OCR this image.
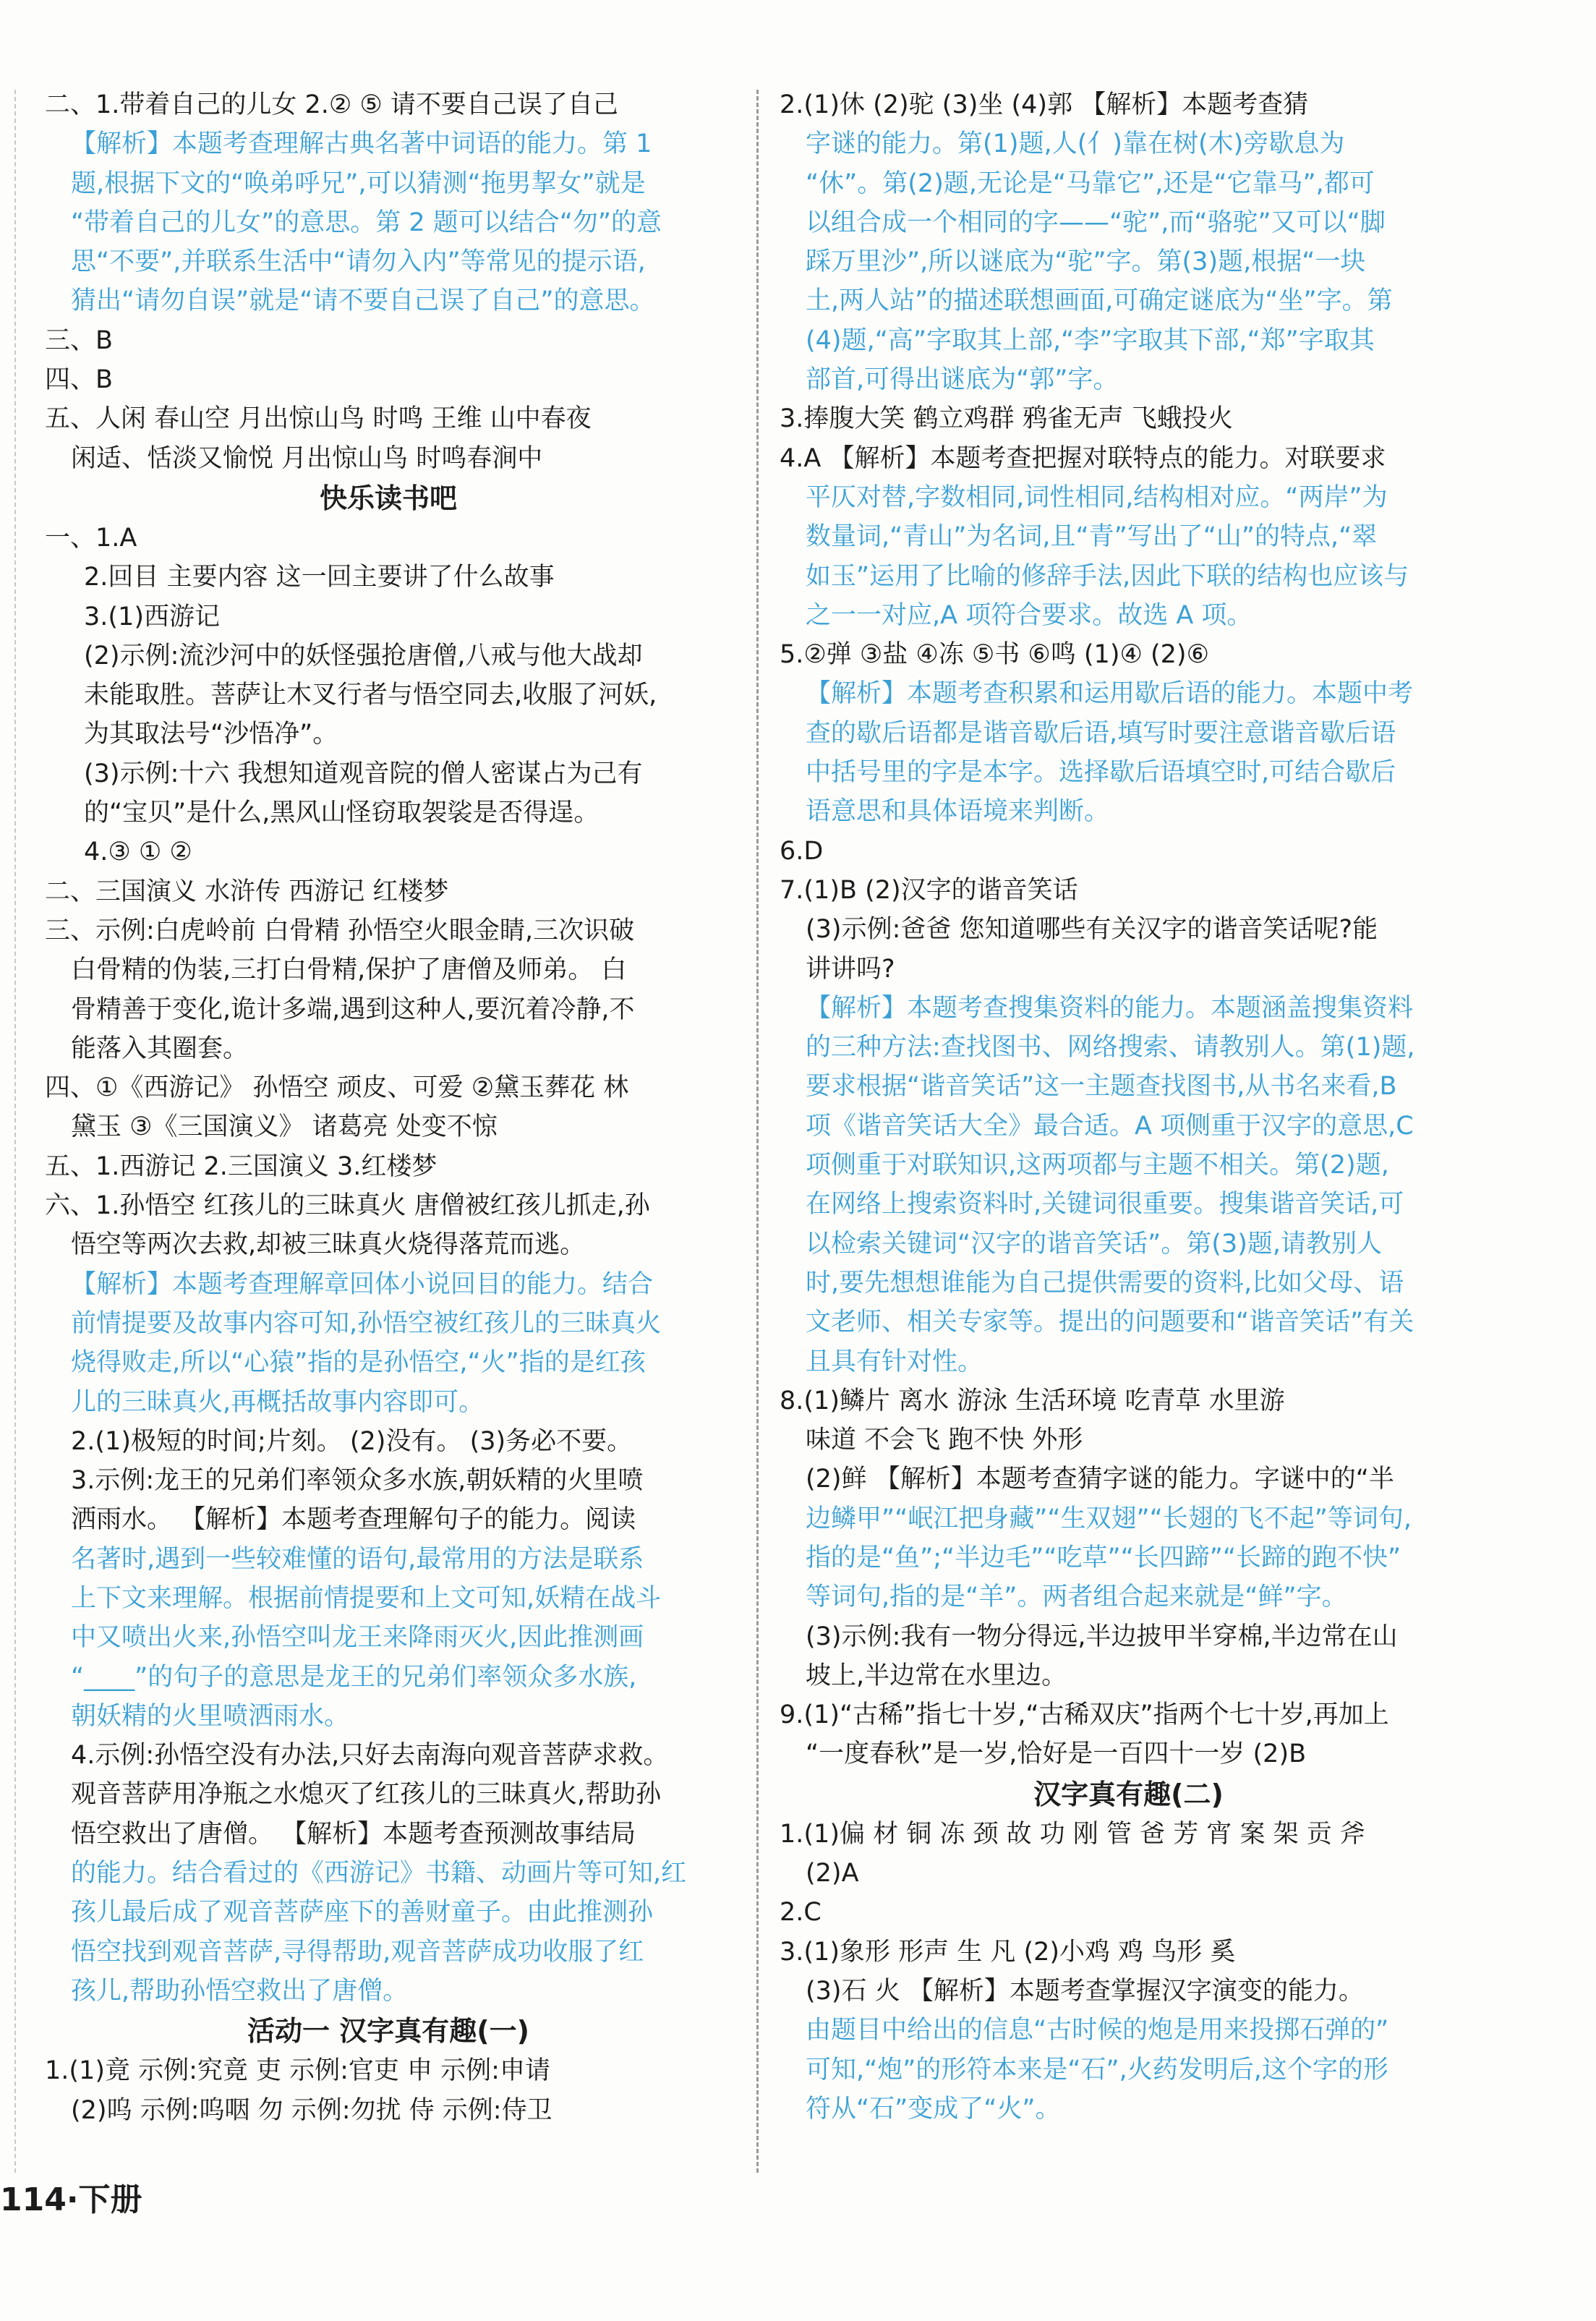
二、1.带着自己的儿女 2.② ⑤ 请不要自己误了自己
【解析】本题考查理解古典名著中词语的能力。第 1
题,根据下文的“唤弟呼兄”,可以猜测“拖男挈女”就是
“带着自己的儿女”的意思。第 2 题可以结合“勿”的意
思“不要”,并联系生活中“请勿入内”等常见的提示语,
猜出“请勿自误”就是“请不要自己误了自己”的意思。
三、B
四、B
五、人闲 春山空 月出惊山鸟 时鸣 王维 山中春夜
闲适、恬淡又愉悦 月出惊山鸟 时鸣春涧中
快乐读书吧
一、1.A
2.回目 主要内容 这一回主要讲了什么故事
3.(1)西游记
(2)示例:流沙河中的妖怪强抢唐僧,八戒与他大战却
未能取胜。菩萨让木叉行者与悟空同去,收服了河妖,
为其取法号“沙悟净”。
(3)示例:十六 我想知道观音院的僧人密谋占为己有
的“宝贝”是什么,黑风山怪窃取袈裟是否得逞。
4.③ ① ②
二、三国演义 水浒传 西游记 红楼梦
三、示例:白虎岭前 白骨精 孙悟空火眼金睛,三次识破
白骨精的伪装,三打白骨精,保护了唐僧及师弟。 白
骨精善于变化,诡计多端,遇到这种人,要沉着冷静,不
能落入其圈套。
四、①《西游记》 孙悟空 顽皮、可爱 ②黛玉葬花 林
黛玉 ③《三国演义》 诸葛亮 处变不惊
五、1.西游记 2.三国演义 3.红楼梦
六、1.孙悟空 红孩儿的三昧真火 唐僧被红孩儿抓走,孙
悟空等两次去救,却被三昧真火烧得落荒而逃。
【解析】本题考查理解章回体小说回目的能力。结合
前情提要及故事内容可知,孙悟空被红孩儿的三昧真火
烧得败走,所以“心猿”指的是孙悟空,“火”指的是红孩
儿的三昧真火,再概括故事内容即可。
2.(1)极短的时间;片刻。 (2)没有。 (3)务必不要。
3.示例:龙王的兄弟们率领众多水族,朝妖精的火里喷
洒雨水。 【解析】本题考查理解句子的能力。阅读
名著时,遇到一些较难懂的语句,最常用的方法是联系
上下文来理解。根据前情提要和上文可知,妖精在战斗
中又喷出火来,孙悟空叫龙王来降雨灭火,因此推测画
“____”的句子的意思是龙王的兄弟们率领众多水族,
朝妖精的火里喷洒雨水。
4.示例:孙悟空没有办法,只好去南海向观音菩萨求救。
观音菩萨用净瓶之水熄灭了红孩儿的三昧真火,帮助孙
悟空救出了唐僧。 【解析】本题考查预测故事结局
的能力。结合看过的《西游记》书籍、动画片等可知,红
孩儿最后成了观音菩萨座下的善财童子。由此推测孙
悟空找到观音菩萨,寻得帮助,观音菩萨成功收服了红
孩儿,帮助孙悟空救出了唐僧。
活动一 汉字真有趣(一)
1.(1)竟 示例:究竟 吏 示例:官吏 申 示例:申请
(2)呜 示例:呜咽 勿 示例:勿扰 侍 示例:侍卫
2.(1)休 (2)驼 (3)坐 (4)郭 【解析】本题考查猜
字谜的能力。第(1)题,人(亻)靠在树(木)旁歇息为
“休”。第(2)题,无论是“马靠它”,还是“它靠马”,都可
以组合成一个相同的字——“驼”,而“骆驼”又可以“脚
踩万里沙”,所以谜底为“驼”字。第(3)题,根据“一块
土,两人站”的描述联想画面,可确定谜底为“坐”字。第
(4)题,“高”字取其上部,“李”字取其下部,“郑”字取其
部首,可得出谜底为“郭”字。
3.捧腹大笑 鹤立鸡群 鸦雀无声 飞蛾投火
4.A 【解析】本题考查把握对联特点的能力。对联要求
平仄对替,字数相同,词性相同,结构相对应。“两岸”为
数量词,“青山”为名词,且“青”写出了“山”的特点,“翠
如玉”运用了比喻的修辞手法,因此下联的结构也应该与
之一一对应,A 项符合要求。故选 A 项。
5.②弹 ③盐 ④冻 ⑤书 ⑥鸣 (1)④ (2)⑥
【解析】本题考查积累和运用歇后语的能力。本题中考
查的歇后语都是谐音歇后语,填写时要注意谐音歇后语
中括号里的字是本字。选择歇后语填空时,可结合歇后
语意思和具体语境来判断。
6.D
7.(1)B (2)汉字的谐音笑话
(3)示例:爸爸 您知道哪些有关汉字的谐音笑话呢?能
讲讲吗?
【解析】本题考查搜集资料的能力。本题涵盖搜集资料
的三种方法:查找图书、网络搜索、请教别人。第(1)题,
要求根据“谐音笑话”这一主题查找图书,从书名来看,B
项《谐音笑话大全》最合适。A 项侧重于汉字的意思,C
项侧重于对联知识,这两项都与主题不相关。第(2)题,
在网络上搜索资料时,关键词很重要。搜集谐音笑话,可
以检索关键词“汉字的谐音笑话”。第(3)题,请教别人
时,要先想想谁能为自己提供需要的资料,比如父母、语
文老师、相关专家等。提出的问题要和“谐音笑话”有关
且具有针对性。
8.(1)鳞片 离水 游泳 生活环境 吃青草 水里游
味道 不会飞 跑不快 外形
(2)鲜 【解析】本题考查猜字谜的能力。字谜中的“半
边鳞甲”“岷江把身藏”“生双翅”“长翅的飞不起”等词句,
指的是“鱼”;“半边毛”“吃草”“长四蹄”“长蹄的跑不快”
等词句,指的是“羊”。两者组合起来就是“鲜”字。
(3)示例:我有一物分得远,半边披甲半穿棉,半边常在山
坡上,半边常在水里边。
9.(1)“古稀”指七十岁,“古稀双庆”指两个七十岁,再加上
“一度春秋”是一岁,恰好是一百四十一岁 (2)B
汉字真有趣(二)
1.(1)偏 材 铜 冻 颈 故 功 刚 管 爸 芳 宵 案 架 贡 斧
(2)A
2.C
3.(1)象形 形声 生 凡 (2)小鸡 鸡 鸟形 奚
(3)石 火 【解析】本题考查掌握汉字演变的能力。
由题目中给出的信息“古时候的炮是用来投掷石弹的”
可知,“炮”的形符本来是“石”,火药发明后,这个字的形
符从“石”变成了“火”。
114·下册
